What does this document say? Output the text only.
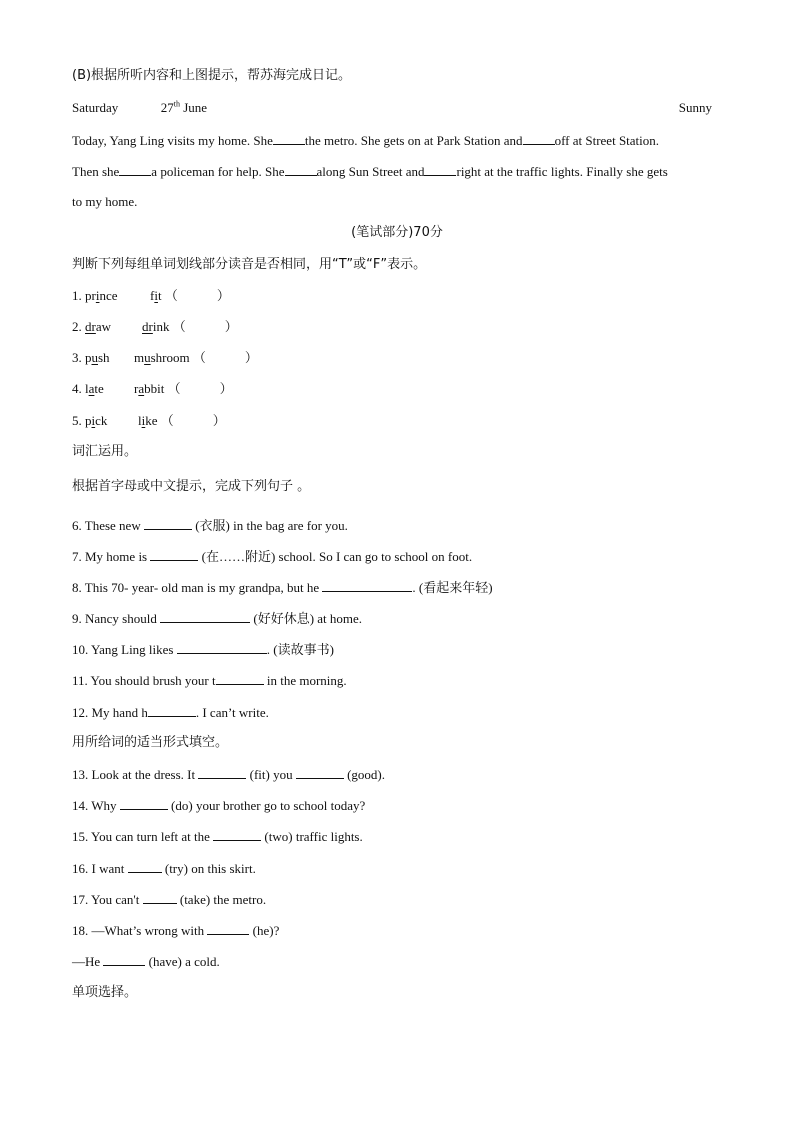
(B)根据所听内容和上图提示，帮苏海完成日记。
Saturday	27th June	Sunny
Today, Yang Ling visits my home. She the metro. She gets on at Park Station and off at Street Station.
Then she a policeman for help. She along Sun Street and right at the traffic lights. Finally she gets
to my home.
(笔试部分)70分
判断下列每组单词划线部分读音是否相同，用“T”或“F”表示。
1. prince fit （　　　）
2. draw drink （　　　）
3. push mushroom （　　　）
4. late rabbit （　　　）
5. pick like （　　　）
词汇运用。
根据首字母或中文提示，完成下列句子 。
6. These new	(衣服) in the bag are for you.
7. My home is	(在……附近) school. So I can go to school on foot.
8. This 70- year- old man is my grandpa, but he	. (看起来年轻)
9. Nancy should	(好好休息) at home.
10. Yang Ling likes	. (读故事书)
11. You should brush your t	in the morning.
12. My hand h	. I can’t write.
用所给词的适当形式填空。
13. Look at the dress. It	(fit) you	(good).
14. Why	(do) your brother go to school today?
15. You can turn left at the	(two) traffic lights.
16. I want	(try) on this skirt.
17. You can't	(take) the metro.
18. —What’s wrong with	(he)?
—He	(have) a cold.
单项选择。
